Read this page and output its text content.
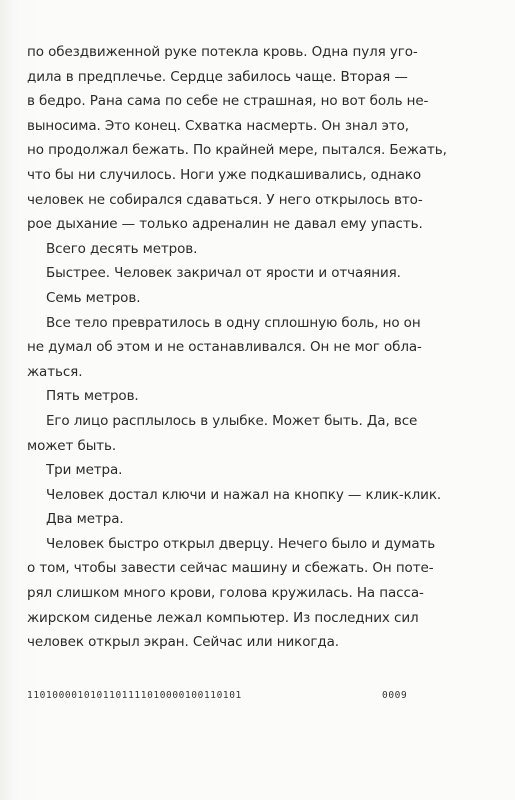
по обездвиженной руке потекла кровь. Одна пуля уго-
дила в предплечье. Сердце забилось чаще. Вторая —
в бедро. Рана сама по себе не страшная, но вот боль не-
выносима. Это конец. Схватка насмерть. Он знал это,
но продолжал бежать. По крайней мере, пытался. Бежать,
что бы ни случилось. Ноги уже подкашивались, однако
человек не собирался сдаваться. У него открылось вто-
рое дыхание — только адреналин не давал ему упасть.
Всего десять метров.
Быстрее. Человек закричал от ярости и отчаяния.
Семь метров.
Все тело превратилось в одну сплошную боль, но он
не думал об этом и не останавливался. Он не мог обла-
жаться.
Пять метров.
Его лицо расплылось в улыбке. Может быть. Да, все
может быть.
Три метра.
Человек достал ключи и нажал на кнопку — клик-клик.
Два метра.
Человек быстро открыл дверцу. Нечего было и думать
о том, чтобы завести сейчас машину и сбежать. Он поте-
рял слишком много крови, голова кружилась. На пасса-
жирском сиденье лежал компьютер. Из последних сил
человек открыл экран. Сейчас или никогда.
1101000010101101111010000100110101	0009
